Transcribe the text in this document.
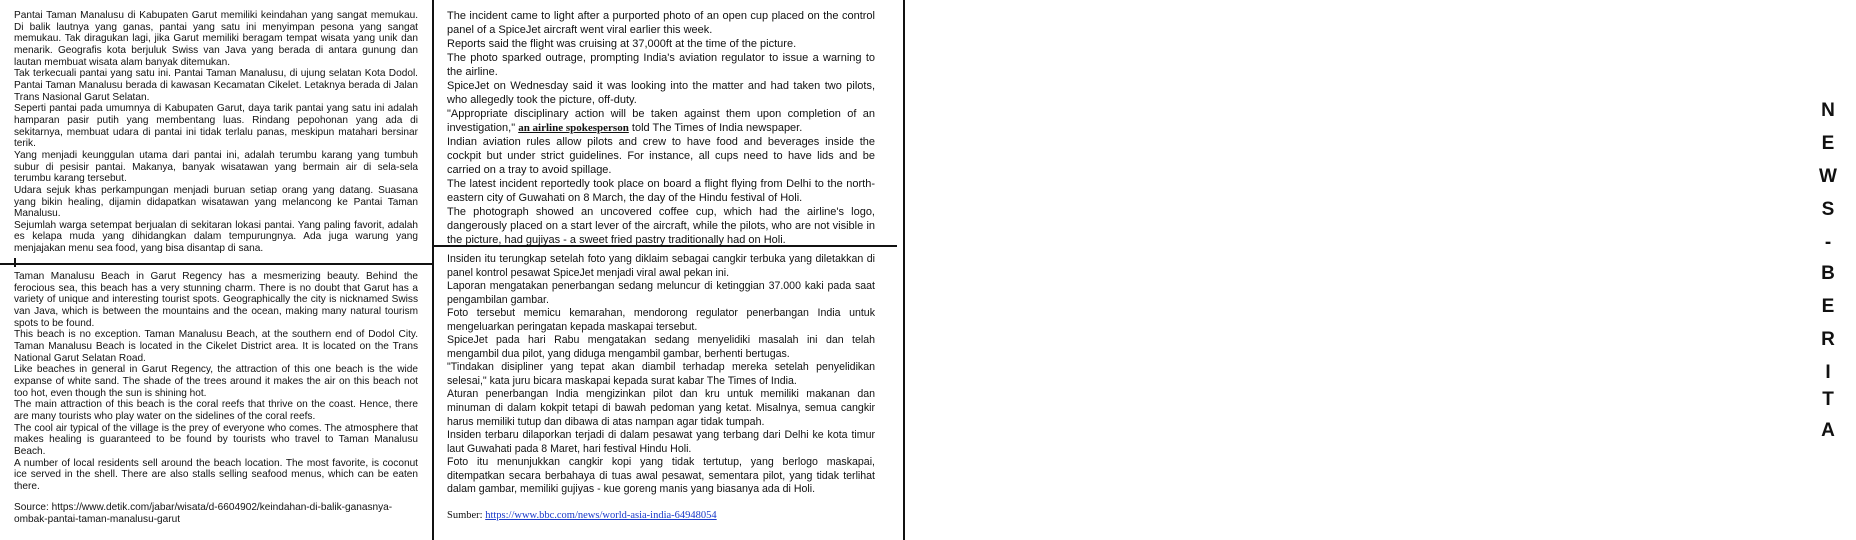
Pantai Taman Manalusu di Kabupaten Garut memiliki keindahan yang sangat memukau. Di balik lautnya yang ganas, pantai yang satu ini menyimpan pesona yang sangat memukau. Tak diragukan lagi, jika Garut memiliki beragam tempat wisata yang unik dan menarik. Geografis kota berjuluk Swiss van Java yang berada di antara gunung dan lautan membuat wisata alam banyak ditemukan.

Tak terkecuali pantai yang satu ini. Pantai Taman Manalusu, di ujung selatan Kota Dodol. Pantai Taman Manalusu berada di kawasan Kecamatan Cikelet. Letaknya berada di Jalan Trans Nasional Garut Selatan.

Seperti pantai pada umumnya di Kabupaten Garut, daya tarik pantai yang satu ini adalah hamparan pasir putih yang membentang luas. Rindang pepohonan yang ada di sekitarnya, membuat udara di pantai ini tidak terlalu panas, meskipun matahari bersinar terik.

Yang menjadi keunggulan utama dari pantai ini, adalah terumbu karang yang tumbuh subur di pesisir pantai. Makanya, banyak wisatawan yang bermain air di sela-sela terumbu karang tersebut.

Udara sejuk khas perkampungan menjadi buruan setiap orang yang datang. Suasana yang bikin healing, dijamin didapatkan wisatawan yang melancong ke Pantai Taman Manalusu.

Sejumlah warga setempat berjualan di sekitaran lokasi pantai. Yang paling favorit, adalah es kelapa muda yang dihidangkan dalam tempurungnya. Ada juga warung yang menjajakan menu sea food, yang bisa disantap di sana.

Taman Manalusu Beach in Garut Regency has a mesmerizing beauty. Behind the ferocious sea, this beach has a very stunning charm. There is no doubt that Garut has a variety of unique and interesting tourist spots. Geographically the city is nicknamed Swiss van Java, which is between the mountains and the ocean, making many natural tourism spots to be found.

This beach is no exception. Taman Manalusu Beach, at the southern end of Dodol City. Taman Manalusu Beach is located in the Cikelet District area. It is located on the Trans National Garut Selatan Road.

Like beaches in general in Garut Regency, the attraction of this one beach is the wide expanse of white sand. The shade of the trees around it makes the air on this beach not too hot, even though the sun is shining hot.

The main attraction of this beach is the coral reefs that thrive on the coast. Hence, there are many tourists who play water on the sidelines of the coral reefs.

The cool air typical of the village is the prey of everyone who comes. The atmosphere that makes healing is guaranteed to be found by tourists who travel to Taman Manalusu Beach.

A number of local residents sell around the beach location. The most favorite, is coconut ice served in the shell. There are also stalls selling seafood menus, which can be eaten there.

Source: https://www.detik.com/jabar/wisata/d-6604902/keindahan-di-balik-ganasnya-ombak-pantai-taman-manalusu-garut

The incident came to light after a purported photo of an open cup placed on the control panel of a SpiceJet aircraft went viral earlier this week.

Reports said the flight was cruising at 37,000ft at the time of the picture.

The photo sparked outrage, prompting India's aviation regulator to issue a warning to the airline.

SpiceJet on Wednesday said it was looking into the matter and had taken two pilots, who allegedly took the picture, off-duty.

"Appropriate disciplinary action will be taken against them upon completion of an investigation," an airline spokesperson told The Times of India newspaper.

Indian aviation rules allow pilots and crew to have food and beverages inside the cockpit but under strict guidelines. For instance, all cups need to have lids and be carried on a tray to avoid spillage.

The latest incident reportedly took place on board a flight flying from Delhi to the north-eastern city of Guwahati on 8 March, the day of the Hindu festival of Holi.

The photograph showed an uncovered coffee cup, which had the airline's logo, dangerously placed on a start lever of the aircraft, while the pilots, who are not visible in the picture, had gujiyas - a sweet fried pastry traditionally had on Holi.

Insiden itu terungkap setelah foto yang diklaim sebagai cangkir terbuka yang diletakkan di panel kontrol pesawat SpiceJet menjadi viral awal pekan ini.

Laporan mengatakan penerbangan sedang meluncur di ketinggian 37.000 kaki pada saat pengambilan gambar.

Foto tersebut memicu kemarahan, mendorong regulator penerbangan India untuk mengeluarkan peringatan kepada maskapai tersebut.

SpiceJet pada hari Rabu mengatakan sedang menyelidiki masalah ini dan telah mengambil dua pilot, yang diduga mengambil gambar, berhenti bertugas.

"Tindakan disipliner yang tepat akan diambil terhadap mereka setelah penyelidikan selesai," kata juru bicara maskapai kepada surat kabar The Times of India.

Aturan penerbangan India mengizinkan pilot dan kru untuk memiliki makanan dan minuman di dalam kokpit tetapi di bawah pedoman yang ketat. Misalnya, semua cangkir harus memiliki tutup dan dibawa di atas nampan agar tidak tumpah.

Insiden terbaru dilaporkan terjadi di dalam pesawat yang terbang dari Delhi ke kota timur laut Guwahati pada 8 Maret, hari festival Hindu Holi.

Foto itu menunjukkan cangkir kopi yang tidak tertutup, yang berlogo maskapai, ditempatkan secara berbahaya di tuas awal pesawat, sementara pilot, yang tidak terlihat dalam gambar, memiliki gujiyas - kue goreng manis yang biasanya ada di Holi.

Sumber: https://www.bbc.com/news/world-asia-india-64948054

N
E
W
S
-
B
E
R
I
T
A
